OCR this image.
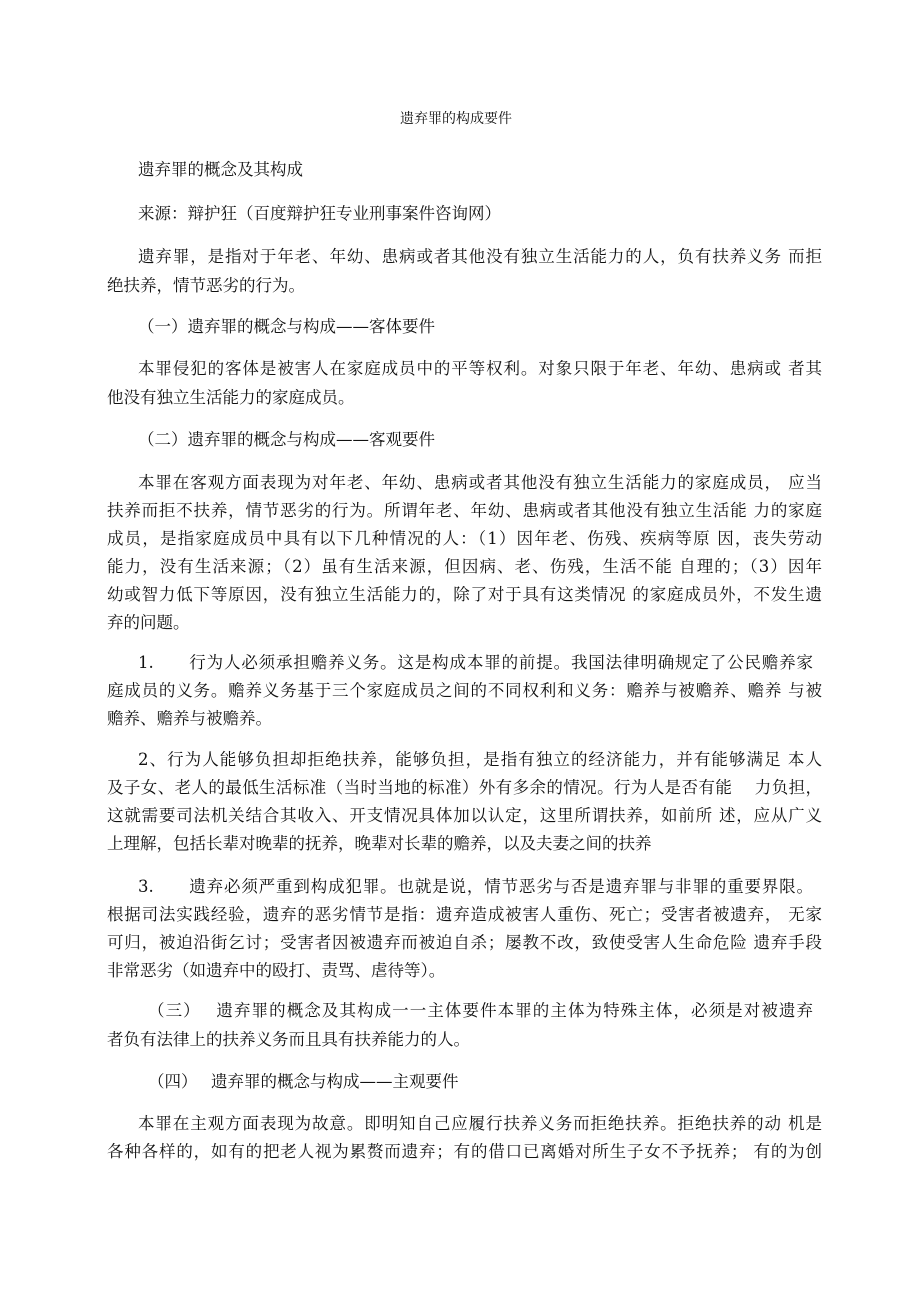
遗弃罪的构成要件
遗弃罪的概念及其构成
来源：辩护狂（百度辩护狂专业刑事案件咨询网）
遗弃罪，是指对于年老、年幼、患病或者其他没有独立生活能力的人，负有扶养义务 而拒
绝扶养，情节恶劣的行为。
（一）遗弃罪的概念与构成——客体要件
本罪侵犯的客体是被害人在家庭成员中的平等权利。对象只限于年老、年幼、患病或 者其
他没有独立生活能力的家庭成员。
（二）遗弃罪的概念与构成——客观要件
本罪在客观方面表现为对年老、年幼、患病或者其他没有独立生活能力的家庭成员， 应当
扶养而拒不扶养，情节恶劣的行为。所谓年老、年幼、患病或者其他没有独立生活能 力的家庭
成员，是指家庭成员中具有以下几种情况的人：（1）因年老、伤残、疾病等原 因，丧失劳动
能力，没有生活来源；（2）虽有生活来源，但因病、老、伤残，生活不能 自理的；（3）因年
幼或智力低下等原因，没有独立生活能力的，除了对于具有这类情况 的家庭成员外，不发生遗
弃的问题。
1.　　行为人必须承担赡养义务。这是构成本罪的前提。我国法律明确规定了公民赡养家
庭成员的义务。赡养义务基于三个家庭成员之间的不同权利和义务：赡养与被赡养、赡养 与被
赡养、赡养与被赡养。
2、行为人能够负担却拒绝扶养，能够负担，是指有独立的经济能力，并有能够满足 本人
及子女、老人的最低生活标准（当时当地的标准）外有多余的情况。行为人是否有能　 力负担，
这就需要司法机关结合其收入、开支情况具体加以认定，这里所谓扶养，如前所 述，应从广义
上理解，包括长辈对晚辈的抚养，晚辈对长辈的赡养，以及夫妻之间的扶养
3.　　遗弃必须严重到构成犯罪。也就是说，情节恶劣与否是遗弃罪与非罪的重要界限。
根据司法实践经验，遗弃的恶劣情节是指：遗弃造成被害人重伤、死亡；受害者被遗弃， 无家
可归，被迫沿街乞讨；受害者因被遗弃而被迫自杀；屡教不改，致使受害人生命危险 遗弃手段
非常恶劣（如遗弃中的殴打、责骂、虐待等）。
（三）　 遗弃罪的概念及其构成一一主体要件本罪的主体为特殊主体，必须是对被遗弃
者负有法律上的扶养义务而且具有扶养能力的人。
（四）　 遗弃罪的概念与构成——主观要件
本罪在主观方面表现为故意。即明知自己应履行扶养义务而拒绝扶养。拒绝扶养的动 机是
各种各样的，如有的把老人视为累赘而遗弃；有的借口已离婚对所生子女不予抚养； 有的为创
